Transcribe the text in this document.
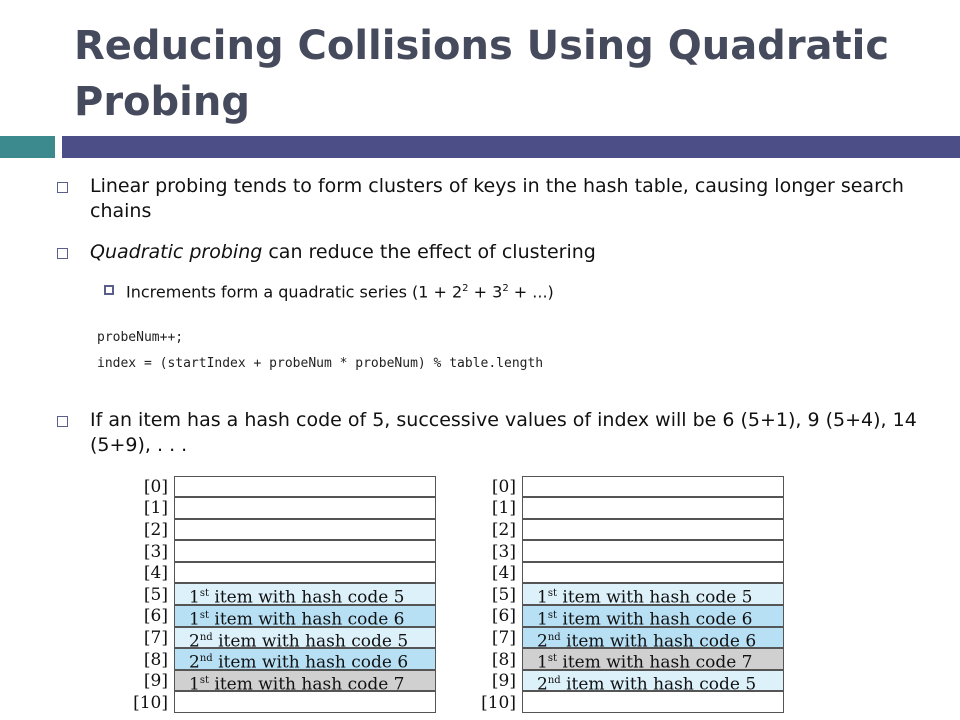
Reducing Collisions Using Quadratic Probing
Linear probing tends to form clusters of keys in the hash table, causing longer search chains
Quadratic probing can reduce the effect of clustering
Increments form a quadratic series ($1 + 2^2 + 3^2$ + ...)
probeNum++;
index = (startIndex + probeNum * probeNum) % table.length
If an item has a hash code of 5, successive values of index will be 6 (5+1), 9 (5+4), 14 (5+9), . . .
[0]
[1]
[2]
[3]
[4]
[5]	1st item with hash code 5
[6]	1st item with hash code 6
[7]	2nd item with hash code 5
[8]	2nd item with hash code 6
[9]	1st item with hash code 7
[10]
[0]
[1]
[2]
[3]
[4]
[5]	1st item with hash code 5
[6]	1st item with hash code 6
[7]	2nd item with hash code 6
[8]	1st item with hash code 7
[9]	2nd item with hash code 5
[10]
